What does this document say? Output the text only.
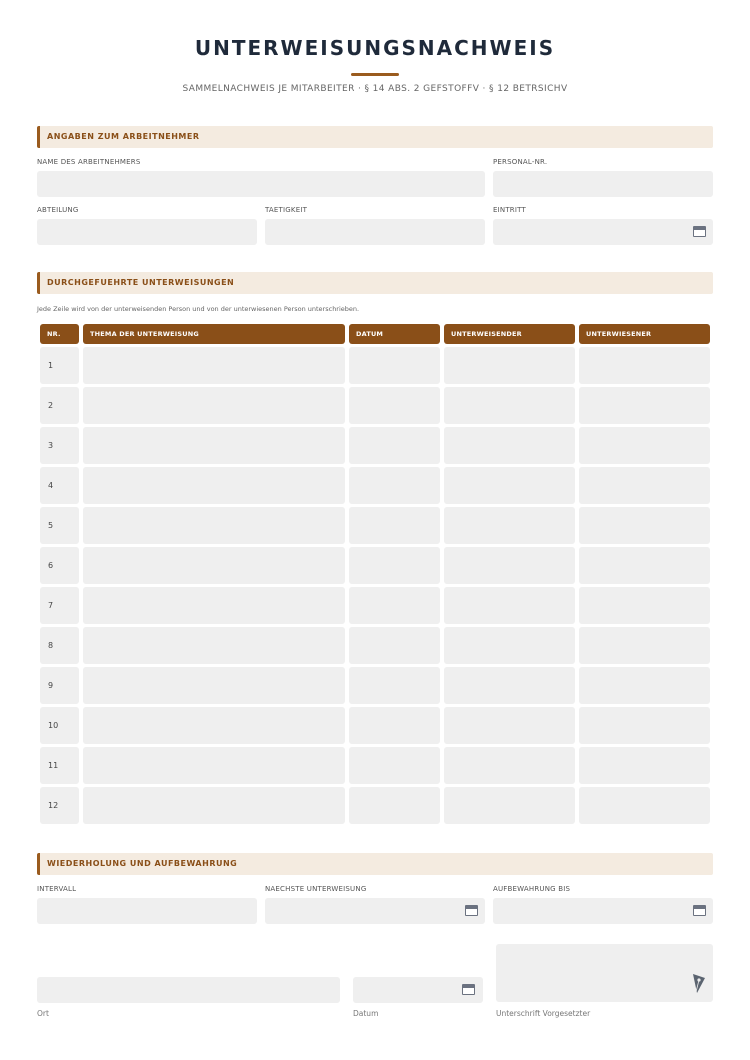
UNTERWEISUNGSNACHWEIS
SAMMELNACHWEIS JE MITARBEITER · § 14 ABS. 2 GEFSTOFFV · § 12 BETRSICHV
ANGABEN ZUM ARBEITNEHMER
NAME DES ARBEITNEHMERS	PERSONAL-NR.
ABTEILUNG	TAETIGKEIT	EINTRITT
DURCHGEFUEHRTE UNTERWEISUNGEN
Jede Zeile wird von der unterweisenden Person und von der unterwiesenen Person unterschrieben.
NR.	THEMA DER UNTERWEISUNG	DATUM	UNTERWEISENDER	UNTERWIESENER
1
2
3
4
5
6
7
8
9
10
11
12
WIEDERHOLUNG UND AUFBEWAHRUNG
INTERVALL	NAECHSTE UNTERWEISUNG	AUFBEWAHRUNG BIS
Ort	Datum	Unterschrift Vorgesetzter
